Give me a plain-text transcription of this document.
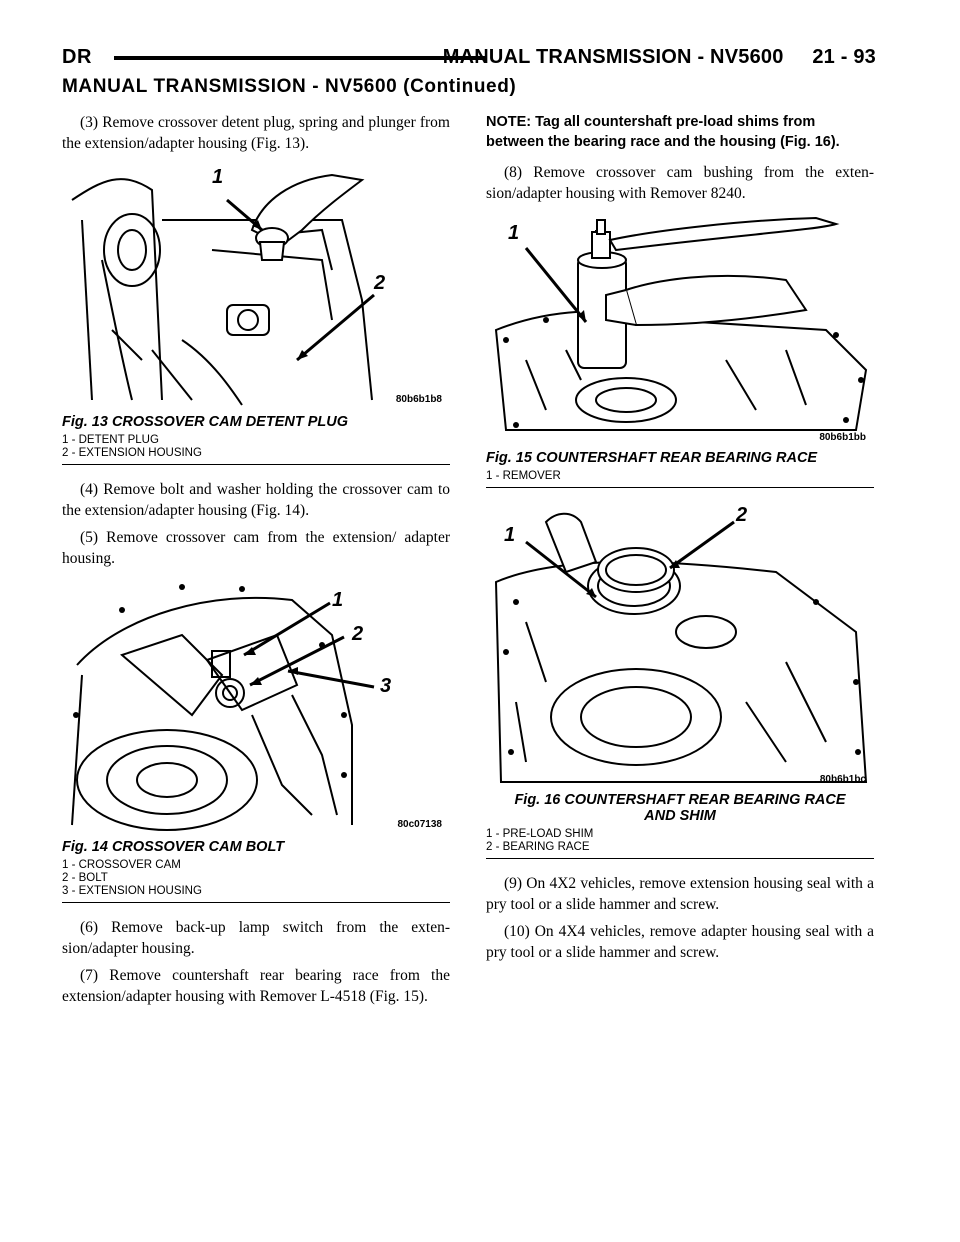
DR	MANUAL TRANSMISSION - NV5600     21 - 93
MANUAL TRANSMISSION - NV5600 (Continued)

(3) Remove crossover detent plug, spring and plunger from the extension/adapter housing (Fig. 13).

1
2
80b6b1b8
Fig. 13 CROSSOVER CAM DETENT PLUG
1 - DETENT PLUG
2 - EXTENSION HOUSING

(4) Remove bolt and washer holding the crossover cam to the extension/adapter housing (Fig. 14).

(5) Remove crossover cam from the extension/ adapter housing.

1
2
3
80c07138
Fig. 14 CROSSOVER CAM BOLT
1 - CROSSOVER CAM
2 - BOLT
3 - EXTENSION HOUSING

(6) Remove back-up lamp switch from the exten- sion/adapter housing.

(7) Remove countershaft rear bearing race from the extension/adapter housing with Remover L-4518 (Fig. 15).

NOTE: Tag all countershaft pre-load shims from between the bearing race and the housing (Fig. 16).

(8) Remove crossover cam bushing from the exten- sion/adapter housing with Remover 8240.

1
80b6b1bb
Fig. 15 COUNTERSHAFT REAR BEARING RACE
1 - REMOVER
1
2
80b6b1bc
Fig. 16 COUNTERSHAFT REAR BEARING RACE
AND SHIM
1 - PRE-LOAD SHIM
2 - BEARING RACE

(9) On 4X2 vehicles, remove extension housing seal with a pry tool or a slide hammer and screw.

(10) On 4X4 vehicles, remove adapter housing seal with a pry tool or a slide hammer and screw.
